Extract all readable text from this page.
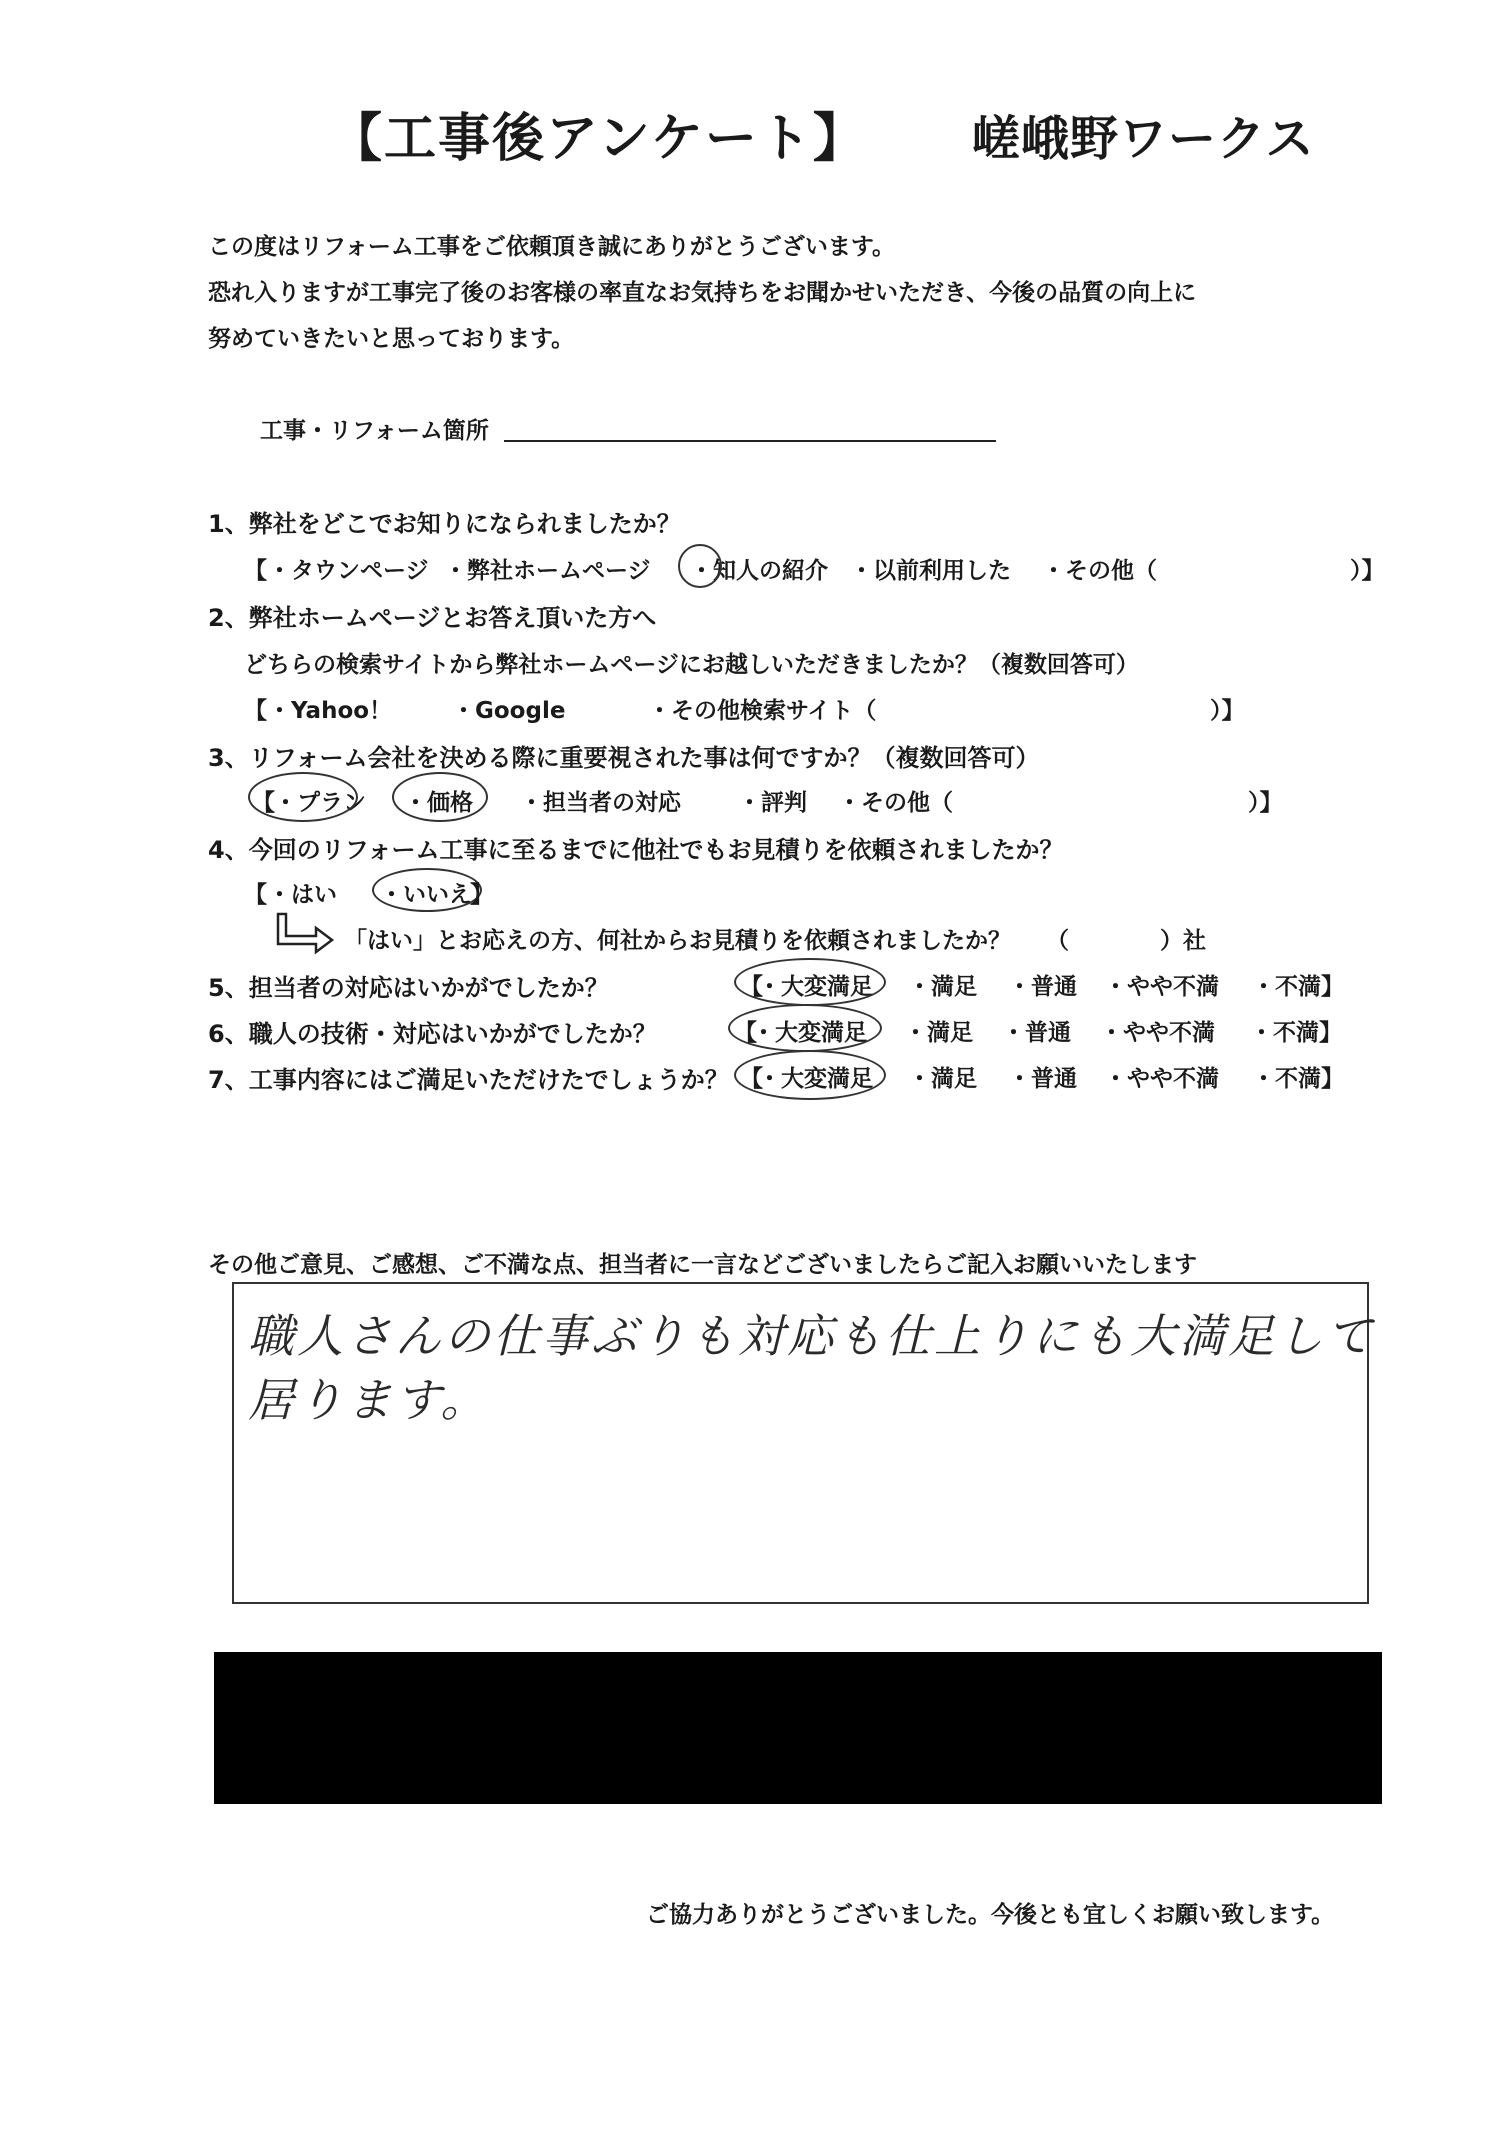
【工事後アンケート】 嵯峨野ワークス
この度はリフォーム工事をご依頼頂き誠にありがとうございます。
恐れ入りますが工事完了後のお客様の率直なお気持ちをお聞かせいただき、今後の品質の向上に
努めていきたいと思っております。
工事・リフォーム箇所
1、弊社をどこでお知りになられましたか？
【 ・タウンページ ・弊社ホームページ ・知人の紹介 ・以前利用した ・その他（	）】
2、弊社ホームページとお答え頂いた方へ
どちらの検索サイトから弊社ホームページにお越しいただきましたか？（複数回答可）
【 ・Yahoo！	・Google	・その他検索サイト（	）】
3、リフォーム会社を決める際に重要視された事は何ですか？（複数回答可）
【 ・プラン ・価格 ・担当者の対応 ・評判 ・その他（	）】
4、今回のリフォーム工事に至るまでに他社でもお見積りを依頼されましたか？
【 ・はい ・いいえ
】
「はい」とお応えの方、何社からお見積りを依頼されましたか？ （	）社
5、担当者の対応はいかがでしたか？	【
・大変満足 ・満足 ・普通 ・やや不満 ・不満】
6、職人の技術・対応はいかがでしたか？	【
・大変満足 ・満足 ・普通 ・やや不満 ・不満】
7、工事内容にはご満足いただけたでしょうか？ 【
・大変満足 ・満足 ・普通 ・やや不満 ・不満】
その他ご意見、ご感想、ご不満な点、担当者に一言などございましたらご記入お願いいたします
職人さんの仕事ぶりも対応も仕上りにも大満足して
居ります。
ご協力ありがとうございました。今後とも宜しくお願い致します。
